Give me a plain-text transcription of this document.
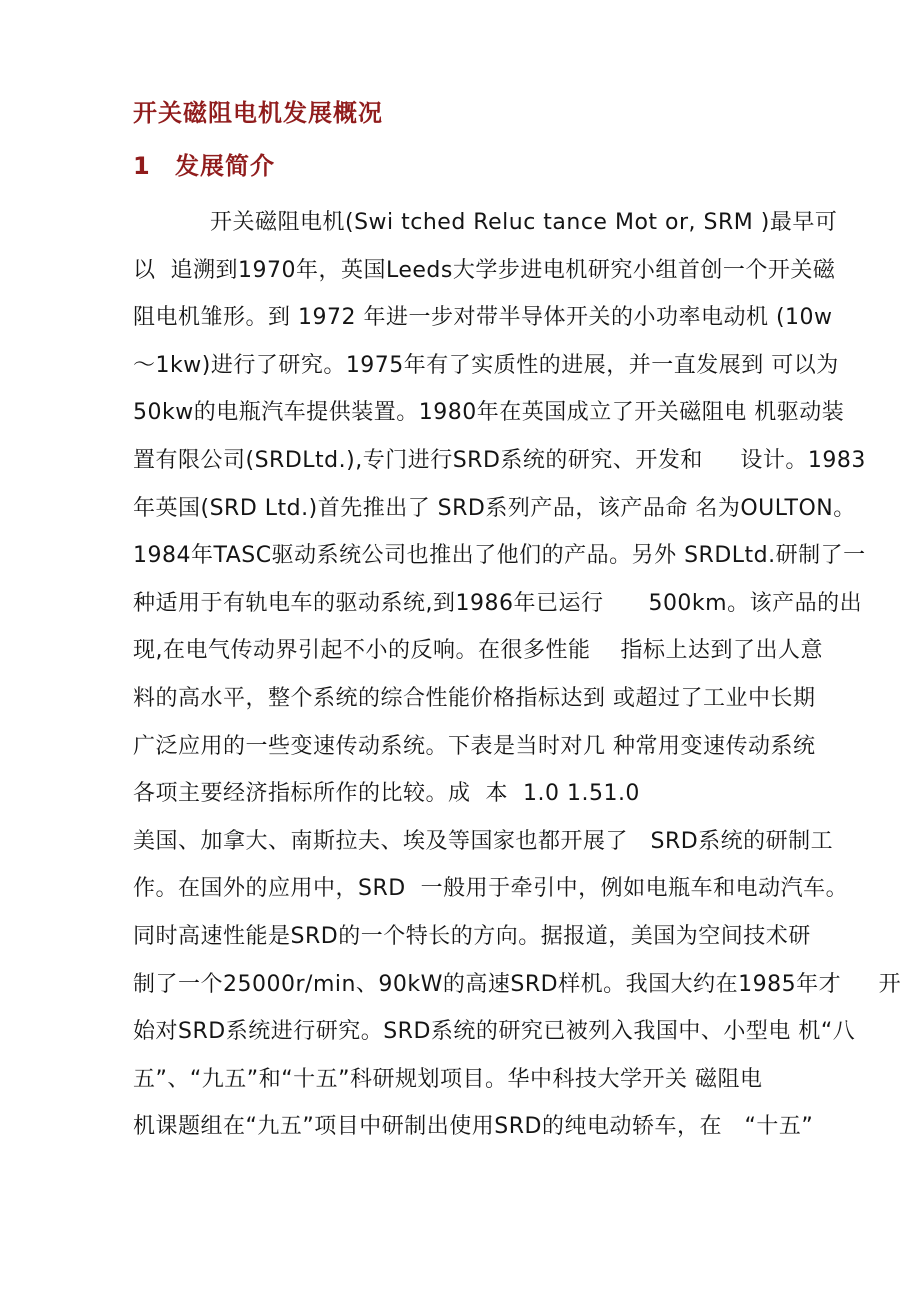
开关磁阻电机发展概况
1 发展简介
开关磁阻电机(Swi tched Reluc tance Mot or, SRM )最早可
以  追溯到1970年，英国Leeds大学步进电机研究小组首创一个开关磁
阻电机雏形。到 1972 年进一步对带半导体开关的小功率电动机 (10w
～1kw)进行了研究。1975年有了实质性的进展，并一直发展到 可以为
50kw的电瓶汽车提供装置。1980年在英国成立了开关磁阻电 机驱动装
置有限公司(SRDLtd.),专门进行SRD系统的研究、开发和     设计。1983
年英国(SRD Ltd.)首先推出了 SRD系列产品，该产品命 名为OULTON。
1984年TASC驱动系统公司也推出了他们的产品。另外 SRDLtd.研制了一
种适用于有轨电车的驱动系统,到1986年已运行      500km。该产品的出
现,在电气传动界引起不小的反响。在很多性能    指标上达到了出人意
料的高水平，整个系统的综合性能价格指标达到 或超过了工业中长期
广泛应用的一些变速传动系统。下表是当时对几 种常用变速传动系统
各项主要经济指标所作的比较。成  本  1.0 1.51.0
美国、加拿大、南斯拉夫、埃及等国家也都开展了   SRD系统的研制工
作。在国外的应用中，SRD  一般用于牵引中，例如电瓶车和电动汽车。
同时高速性能是SRD的一个特长的方向。据报道，美国为空间技术研
制了一个25000r/min、90kW的高速SRD样机。我国大约在1985年才     开
始对SRD系统进行研究。SRD系统的研究已被列入我国中、小型电 机“八
五”、“九五”和“十五”科研规划项目。华中科技大学开关 磁阻电
机课题组在“九五”项目中研制出使用SRD的纯电动轿车，在   “十五”
